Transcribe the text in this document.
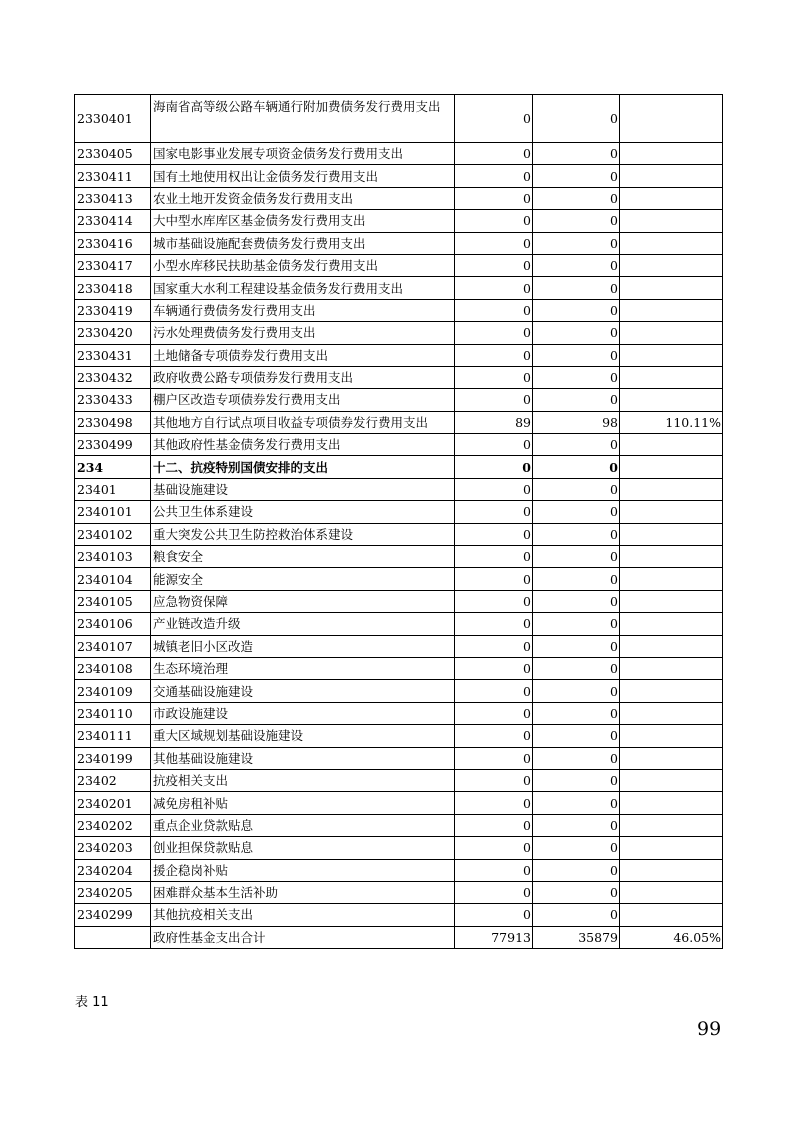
2330401	海南省高等级公路车辆通行附加费债务发行费用支出	0	0	
2330405	国家电影事业发展专项资金债务发行费用支出	0	0	
2330411	国有土地使用权出让金债务发行费用支出	0	0	
2330413	农业土地开发资金债务发行费用支出	0	0	
2330414	大中型水库库区基金债务发行费用支出	0	0	
2330416	城市基础设施配套费债务发行费用支出	0	0	
2330417	小型水库移民扶助基金债务发行费用支出	0	0	
2330418	国家重大水利工程建设基金债务发行费用支出	0	0	
2330419	车辆通行费债务发行费用支出	0	0	
2330420	污水处理费债务发行费用支出	0	0	
2330431	土地储备专项债券发行费用支出	0	0	
2330432	政府收费公路专项债券发行费用支出	0	0	
2330433	棚户区改造专项债券发行费用支出	0	0	
2330498	其他地方自行试点项目收益专项债券发行费用支出	89	98	110.11%
2330499	其他政府性基金债务发行费用支出	0	0	
234	十二、抗疫特别国债安排的支出	0	0	
23401	基础设施建设	0	0	
2340101	公共卫生体系建设	0	0	
2340102	重大突发公共卫生防控救治体系建设	0	0	
2340103	粮食安全	0	0	
2340104	能源安全	0	0	
2340105	应急物资保障	0	0	
2340106	产业链改造升级	0	0	
2340107	城镇老旧小区改造	0	0	
2340108	生态环境治理	0	0	
2340109	交通基础设施建设	0	0	
2340110	市政设施建设	0	0	
2340111	重大区域规划基础设施建设	0	0	
2340199	其他基础设施建设	0	0	
23402	抗疫相关支出	0	0	
2340201	减免房租补贴	0	0	
2340202	重点企业贷款贴息	0	0	
2340203	创业担保贷款贴息	0	0	
2340204	援企稳岗补贴	0	0	
2340205	困难群众基本生活补助	0	0	
2340299	其他抗疫相关支出	0	0	
	政府性基金支出合计	77913	35879	46.05%
表 11
99
